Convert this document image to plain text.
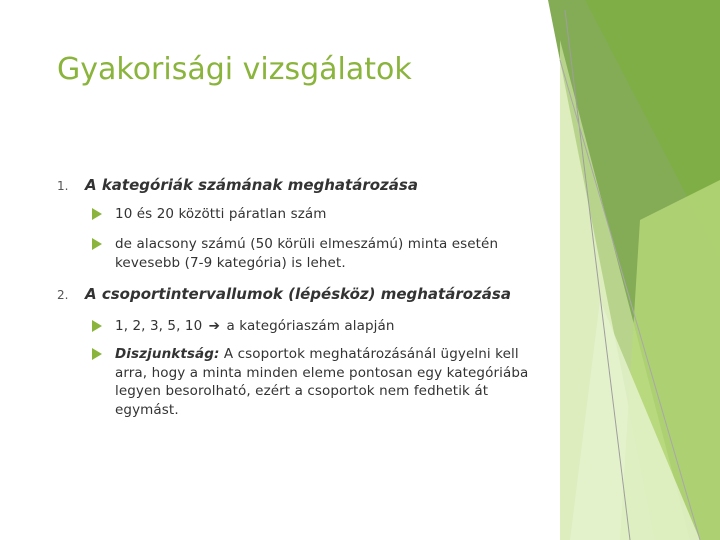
Gyakorisági vizsgálatok
1. A kategóriák számának meghatározása
10 és 20 közötti páratlan szám
de alacsony számú (50 körüli elmeszámú) minta esetén kevesebb (7-9 kategória) is lehet.
2. A csoportintervallumok (lépésköz) meghatározása
1, 2, 3, 5, 10 ➔ a kategóriaszám alapján
Diszjunktság: A csoportok meghatározásánál ügyelni kell arra, hogy a minta minden eleme pontosan egy kategóriába legyen besorolható, ezért a csoportok nem fedhetik át egymást.
